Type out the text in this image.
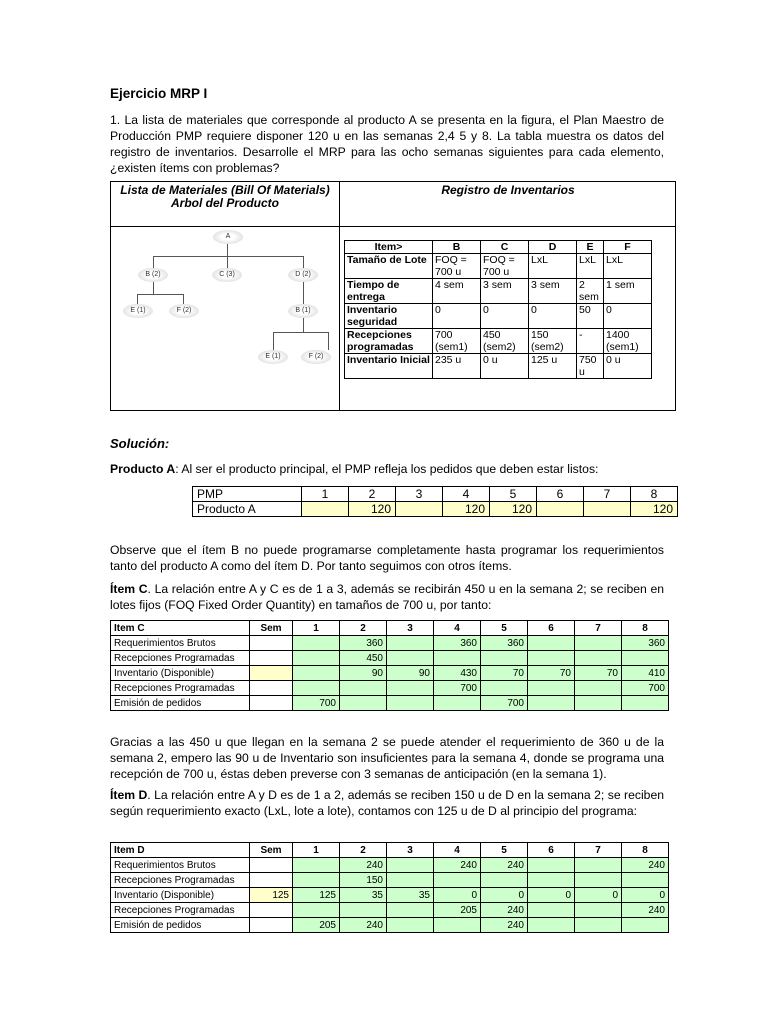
Ejercicio MRP I
1. La lista de materiales que corresponde al producto A se presenta en la figura, el Plan Maestro de Producción PMP requiere disponer 120 u en las semanas 2,4 5 y 8. La tabla muestra os datos del registro de inventarios. Desarrolle el MRP para las ocho semanas siguientes para cada elemento, ¿existen ítems con problemas?
Lista de Materiales (Bill Of Materials)
Arbol del Producto
Registro de Inventarios
A
B (2)	C (3)	D (2)
E (1)	F (2)	B (1)
E (1)	F (2)
Item>	B	C	D	E	F
Tamaño de Lote	FOQ = 700 u	FOQ = 700 u	LxL	LxL	LxL
Tiempo de entrega	4 sem	3 sem	3 sem	2 sem	1 sem
Inventario seguridad	0	0	0	50	0
Recepciones programadas	700 (sem1)	450 (sem2)	150 (sem2)	-	1400 (sem1)
Inventario Inicial	235 u	0 u	125 u	750 u	0 u
Solución:
Producto A: Al ser el producto principal, el PMP refleja los pedidos que deben estar listos:
PMP	1	2	3	4	5	6	7	8
Producto A		120		120	120			120
Observe que el ítem B no puede programarse completamente hasta programar los requerimientos tanto del producto A como del ítem D. Por tanto seguimos con otros ítems.
Ítem C. La relación entre A y C es de 1 a 3, además se recibirán 450 u en la semana 2; se reciben en lotes fijos (FOQ Fixed Order Quantity) en tamaños de 700 u, por tanto:
Item C	Sem	1	2	3	4	5	6	7	8
Requerimientos Brutos			360		360	360			360
Recepciones Programadas			450						
Inventario (Disponible)			90	90	430	70	70	70	410
Recepciones Programadas					700				700
Emisión de pedidos		700				700			
Gracias a las 450 u que llegan en la semana 2 se puede atender el requerimiento de 360 u de la semana 2, empero las 90 u de Inventario son insuficientes para la semana 4, donde se programa una recepción de 700 u, éstas deben preverse con 3 semanas de anticipación (en la semana 1).
Ítem D. La relación entre A y D es de 1 a 2, además se reciben 150 u de D en la semana 2; se reciben según requerimiento exacto (LxL, lote a lote), contamos con 125 u de D al principio del programa:
Item D	Sem	1	2	3	4	5	6	7	8
Requerimientos Brutos			240		240	240			240
Recepciones Programadas			150						
Inventario (Disponible)	125	125	35	35	0	0	0	0	0
Recepciones Programadas					205	240			240
Emisión de pedidos		205	240			240			
